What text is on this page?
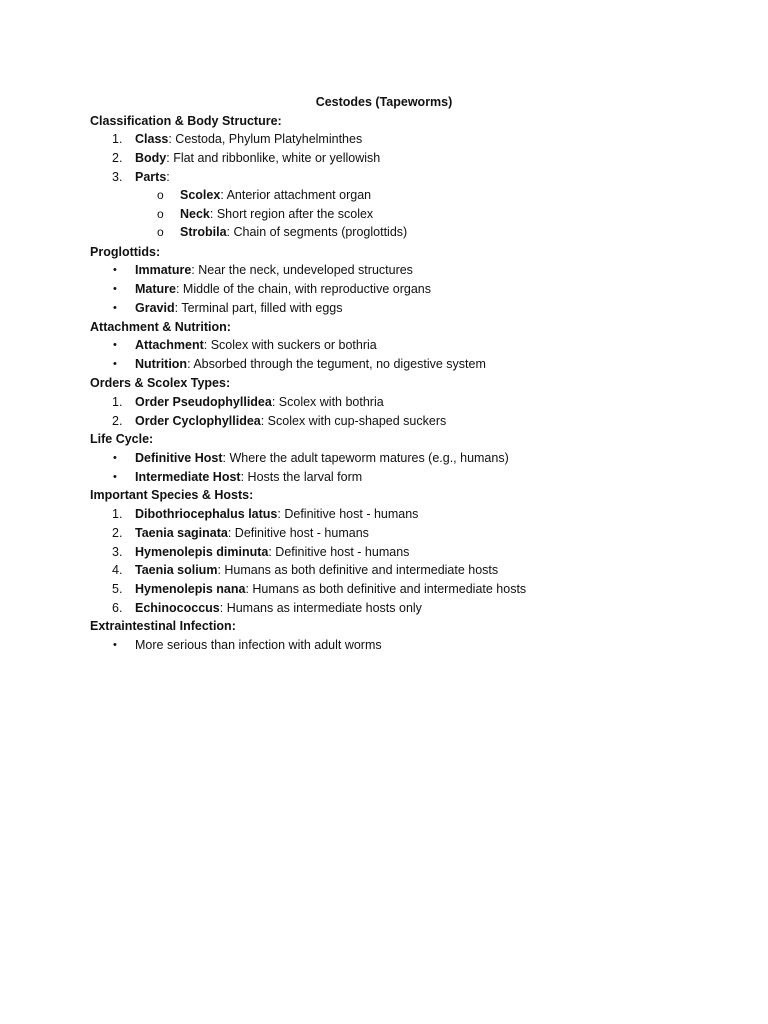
Cestodes (Tapeworms)
Classification & Body Structure:
1. Class: Cestoda, Phylum Platyhelminthes
2. Body: Flat and ribbonlike, white or yellowish
3. Parts:
o Scolex: Anterior attachment organ
o Neck: Short region after the scolex
o Strobila: Chain of segments (proglottids)
Proglottids:
• Immature: Near the neck, undeveloped structures
• Mature: Middle of the chain, with reproductive organs
• Gravid: Terminal part, filled with eggs
Attachment & Nutrition:
• Attachment: Scolex with suckers or bothria
• Nutrition: Absorbed through the tegument, no digestive system
Orders & Scolex Types:
1. Order Pseudophyllidea: Scolex with bothria
2. Order Cyclophyllidea: Scolex with cup-shaped suckers
Life Cycle:
• Definitive Host: Where the adult tapeworm matures (e.g., humans)
• Intermediate Host: Hosts the larval form
Important Species & Hosts:
1. Dibothriocephalus latus: Definitive host - humans
2. Taenia saginata: Definitive host - humans
3. Hymenolepis diminuta: Definitive host - humans
4. Taenia solium: Humans as both definitive and intermediate hosts
5. Hymenolepis nana: Humans as both definitive and intermediate hosts
6. Echinococcus: Humans as intermediate hosts only
Extraintestinal Infection:
• More serious than infection with adult worms
